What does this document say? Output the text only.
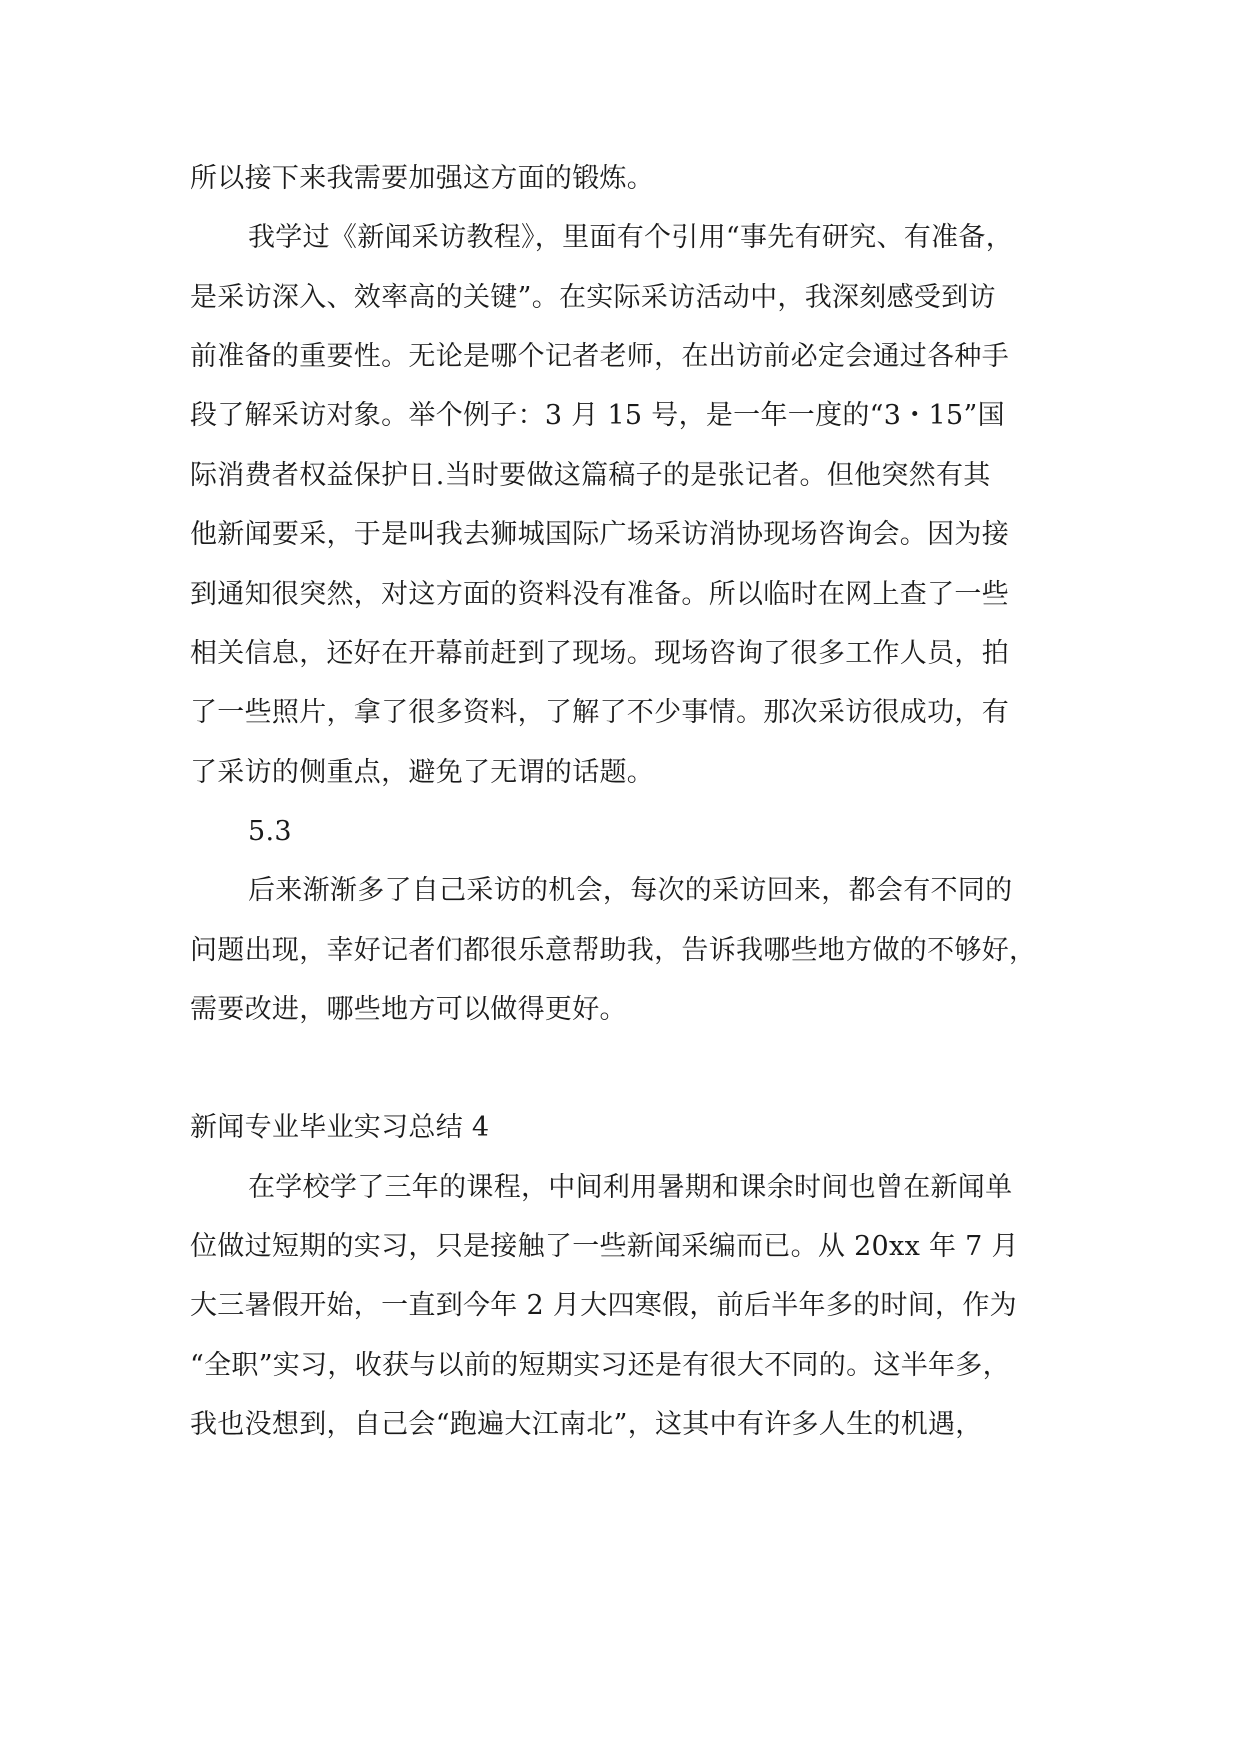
所以接下来我需要加强这方面的锻炼。
我学过《新闻采访教程》，里面有个引用“事先有研究、有准备，
是采访深入、效率高的关键”。在实际采访活动中，我深刻感受到访
前准备的重要性。无论是哪个记者老师，在出访前必定会通过各种手
段了解采访对象。举个例子：3 月 15 号，是一年一度的“3・15”国
际消费者权益保护日.当时要做这篇稿子的是张记者。但他突然有其
他新闻要采，于是叫我去狮城国际广场采访消协现场咨询会。因为接
到通知很突然，对这方面的资料没有准备。所以临时在网上查了一些
相关信息，还好在开幕前赶到了现场。现场咨询了很多工作人员，拍
了一些照片，拿了很多资料，了解了不少事情。那次采访很成功，有
了采访的侧重点，避免了无谓的话题。
5.3
后来渐渐多了自己采访的机会，每次的采访回来，都会有不同的
问题出现，幸好记者们都很乐意帮助我，告诉我哪些地方做的不够好，
需要改进，哪些地方可以做得更好。
新闻专业毕业实习总结 4
在学校学了三年的课程，中间利用暑期和课余时间也曾在新闻单
位做过短期的实习，只是接触了一些新闻采编而已。从 20xx 年 7 月
大三暑假开始，一直到今年 2 月大四寒假，前后半年多的时间，作为
“全职”实习，收获与以前的短期实习还是有很大不同的。这半年多，
我也没想到，自己会“跑遍大江南北”，这其中有许多人生的机遇，
